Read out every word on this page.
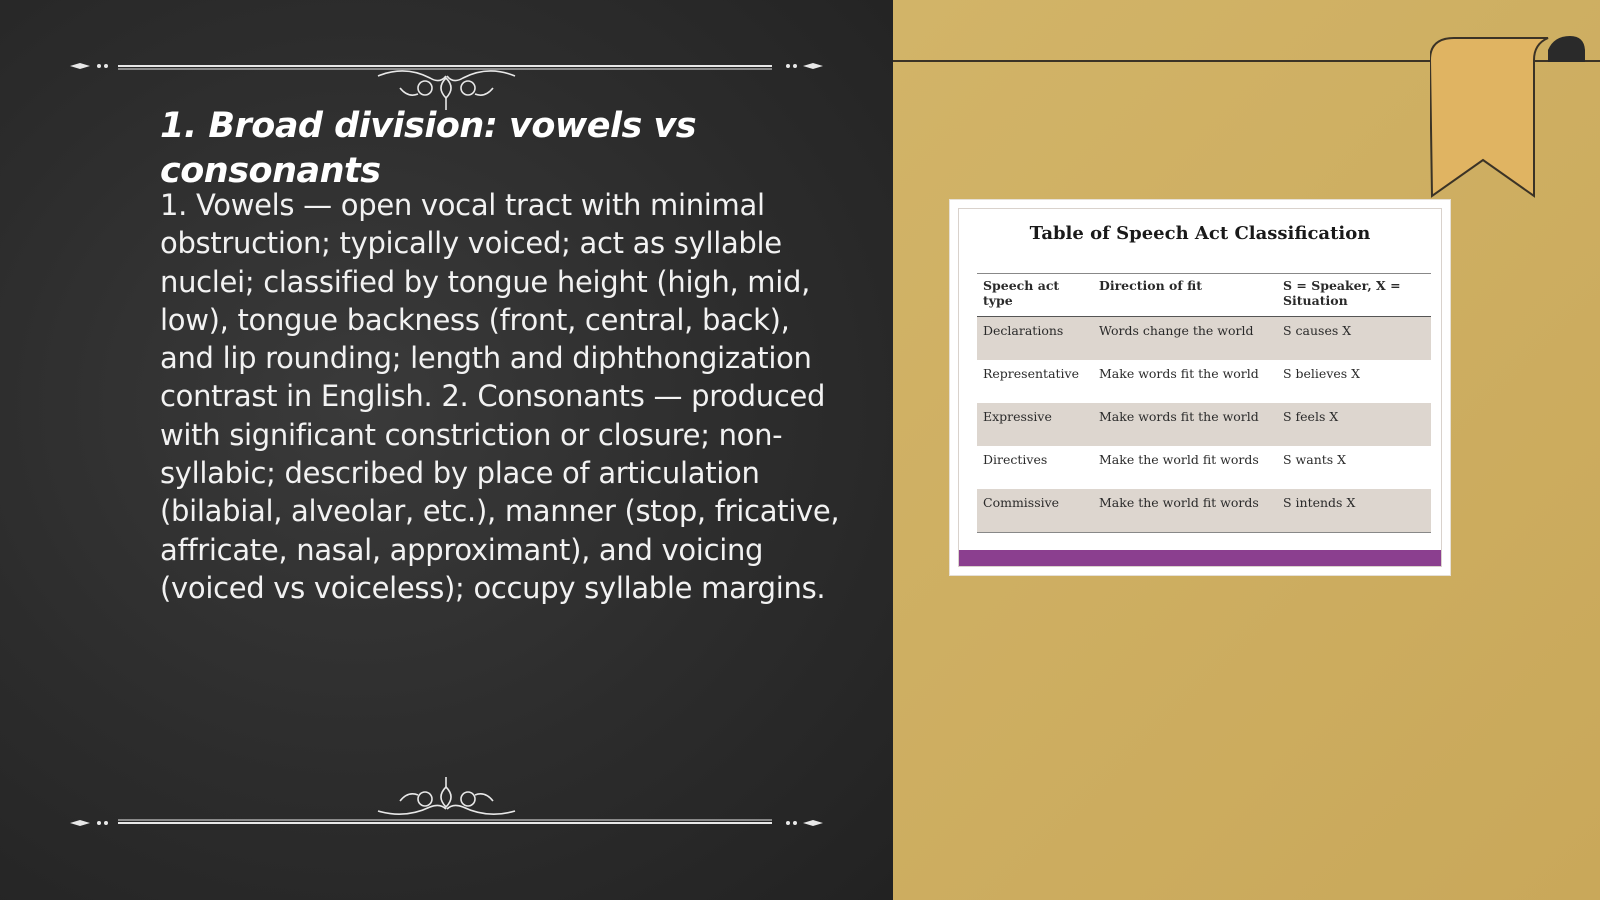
1. Broad division: vowels vs consonants

1. Vowels — open vocal tract with minimal obstruction; typically voiced; act as syllable nuclei; classified by tongue height (high, mid, low), tongue backness (front, central, back), and lip rounding; length and diphthongization contrast in English. 2. Consonants — produced with significant constriction or closure; non-syllabic; described by place of articulation (bilabial, alveolar, etc.), manner (stop, fricative, affricate, nasal, approximant), and voicing (voiced vs voiceless); occupy syllable margins.

Table of Speech Act Classification
Speech act type	Direction of fit	S = Speaker, X = Situation
Declarations	Words change the world	S causes X
Representative	Make words fit the world	S believes X
Expressive	Make words fit the world	S feels X
Directives	Make the world fit words	S wants X
Commissive	Make the world fit words	S intends X
